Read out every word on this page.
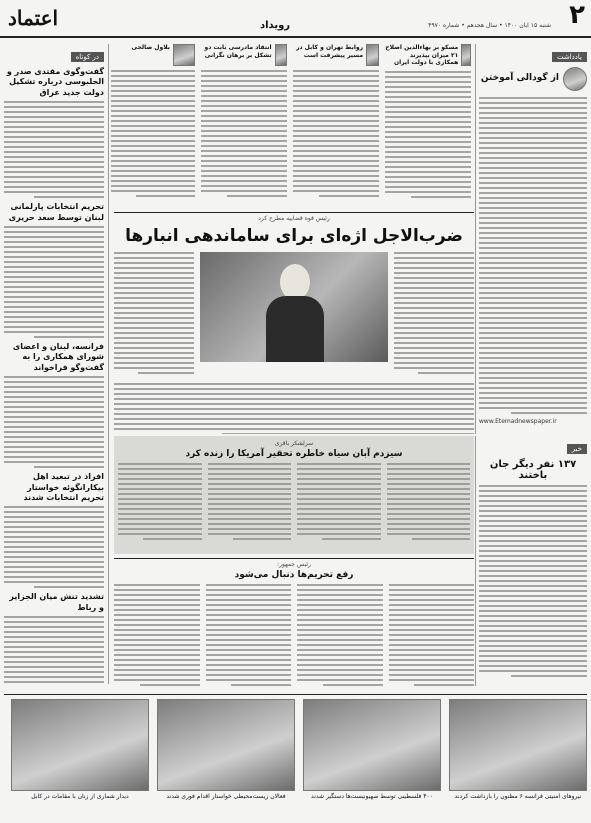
اعتماد	رویداد	۲
شنبه ۱۵ آبان ۱۴۰۰ • سال هجدهم • شماره ۴۹۷۰
یادداشت
از گودالی آموختن
www.Etemadnewspaper.ir
مسکو بر بهاءالدین اصلاح ۲۱ میزان بپذیرند همکاری با دولت ایران
روابط تهران و کابل در مسیر پیشرفت است
انتقاد مادرسی بابت دو تشکل بر برهان نگرانی
بلاول صالحی
در کوتاه
گفت‌وگوی مقتدی صدر و الحلبوسی درباره تشکیل دولت جدید عراق
تحریم انتخابات پارلمانی لبنان توسط سعد حریری
فرانسه، لبنان و اعضای شورای همکاری را به گفت‌وگو فراخواند
افراد در تبعید اهل بیکارانگوئه خواستار تحریم انتخابات شدند
تشدید تنش میان الجزایر و رباط
رئیس قوه قضاییه مطرح کرد
ضرب‌الاجل اژه‌ای برای ساماندهی انبارها
سرلشکر باقری
سیزدم آبان سیاه خاطره تحقیر آمریکا را زنده کرد
رئیس جمهور:
رفع تحریم‌ها دنبال می‌شود
خبر
۱۳۷ نفر دیگر جان باختند
نیروهای امنیتی فرانسه ۶ مظنون را بازداشت کردند
۴۰۰ فلسطینی توسط صهیونیست‌ها دستگیر شدند
فعالان زیست‌محیطی خواستار اقدام فوری شدند
دیدار شماری از زنان با مقامات در کابل
